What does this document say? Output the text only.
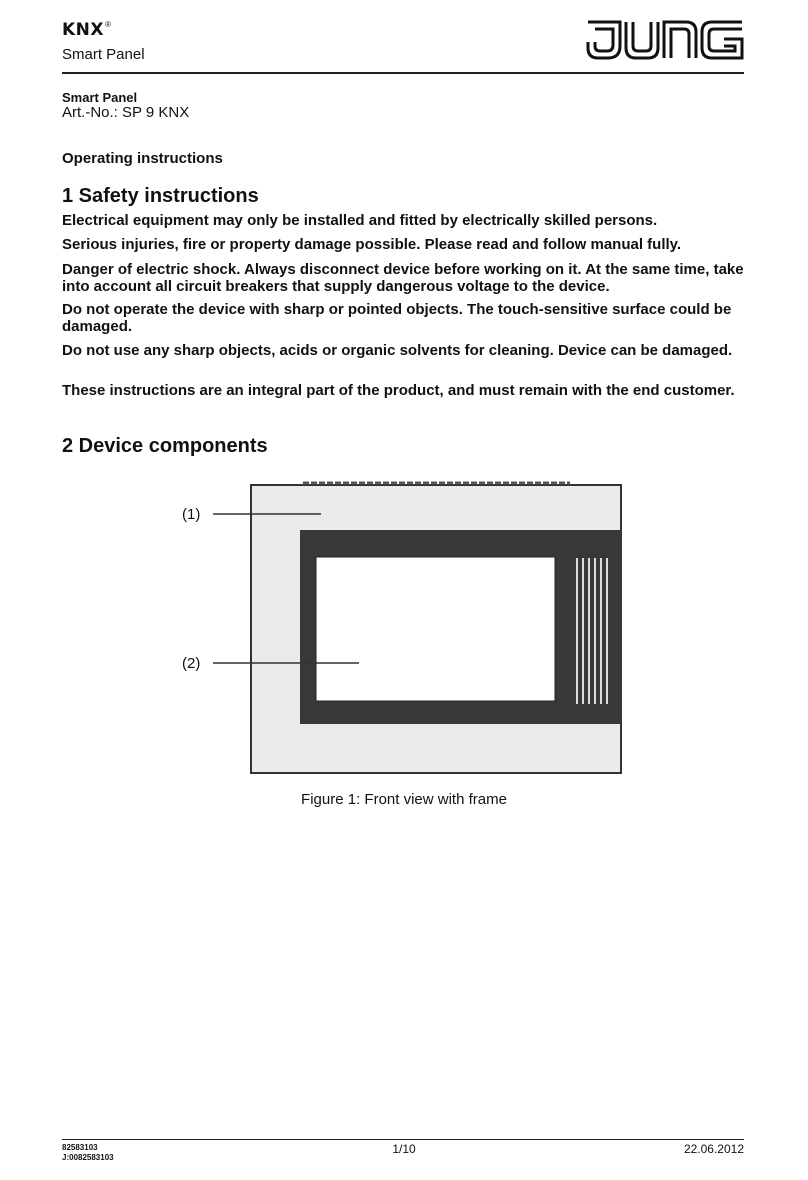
KNX ®
Smart Panel	JUNG
Smart Panel
Art.-No.: SP 9 KNX
Operating instructions
1 Safety instructions
Electrical equipment may only be installed and fitted by electrically skilled persons.
Serious injuries, fire or property damage possible. Please read and follow manual fully.
Danger of electric shock. Always disconnect device before working on it. At the same time, take into account all circuit breakers that supply dangerous voltage to the device.
Do not operate the device with sharp or pointed objects. The touch-sensitive surface could be damaged.
Do not use any sharp objects, acids or organic solvents for cleaning. Device can be damaged.
These instructions are an integral part of the product, and must remain with the end customer.
2 Device components
(1)
(2)
Figure 1: Front view with frame
82583103
J:0082583103
1/10	22.06.2012
